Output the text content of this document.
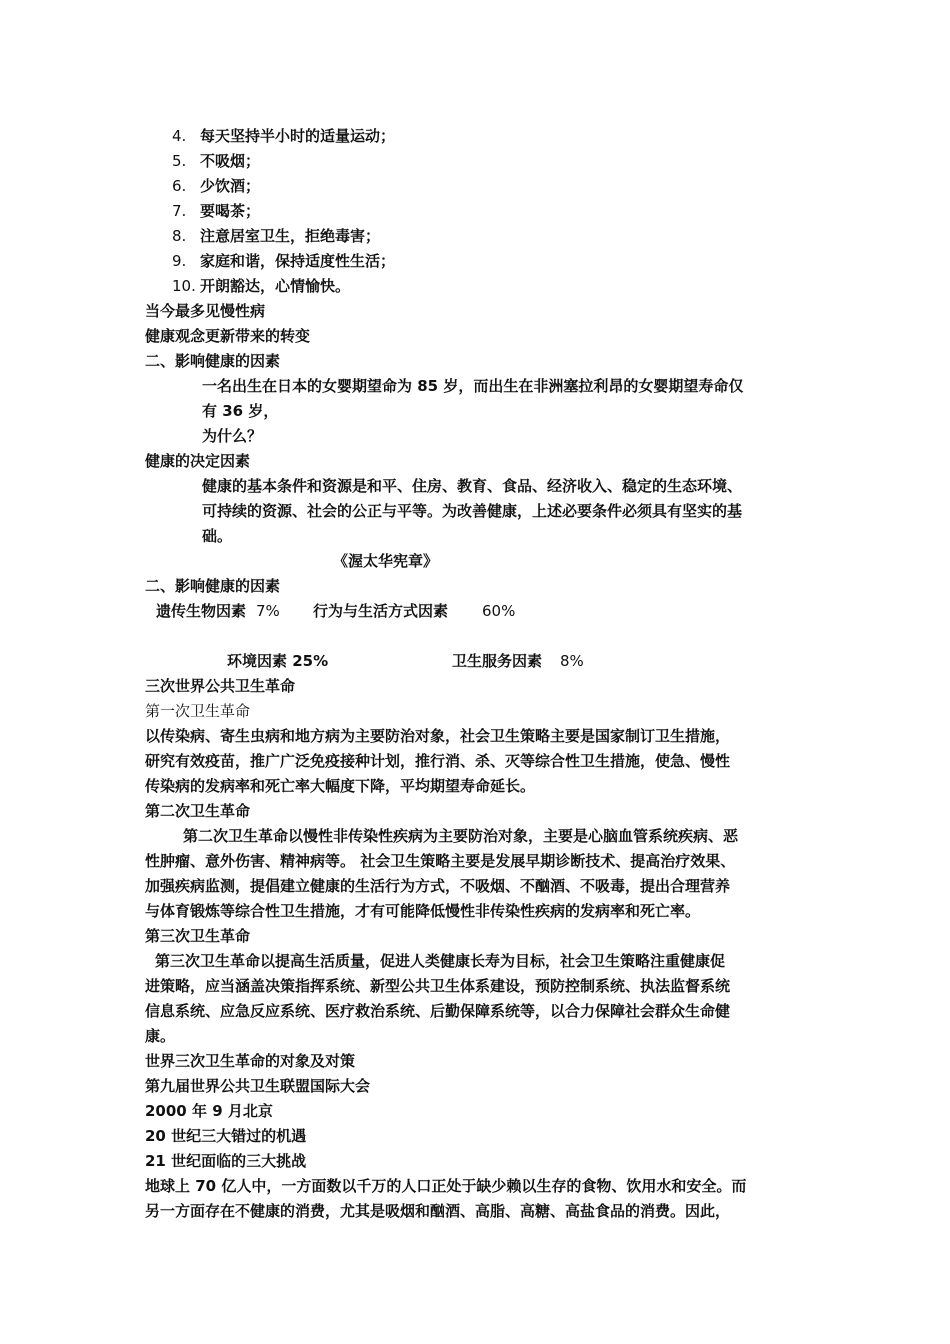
4. 每天坚持半小时的适量运动；
5. 不吸烟；
6. 少饮酒；
7. 要喝茶；
8. 注意居室卫生，拒绝毒害；
9. 家庭和谐，保持适度性生活；
10. 开朗豁达，心情愉快。
当今最多见慢性病
健康观念更新带来的转变
二、影响健康的因素
一名出生在日本的女婴期望命为 85 岁，而出生在非洲塞拉利昂的女婴期望寿命仅
有 36 岁，
为什么？
健康的决定因素
健康的基本条件和资源是和平、住房、教育、食品、经济收入、稳定的生态环境、
可持续的资源、社会的公正与平等。为改善健康，上述必要条件必须具有坚实的基
础。
《渥太华宪章》
二、影响健康的因素
遗传生物因素 7% 行为与生活方式因素 60%
环境因素 25%	卫生服务因素 8%
三次世界公共卫生革命
第一次卫生革命
以传染病、寄生虫病和地方病为主要防治对象，社会卫生策略主要是国家制订卫生措施，
研究有效疫苗，推广广泛免疫接种计划，推行消、杀、灭等综合性卫生措施，使急、慢性
传染病的发病率和死亡率大幅度下降，平均期望寿命延长。
第二次卫生革命
第二次卫生革命以慢性非传染性疾病为主要防治对象，主要是心脑血管系统疾病、恶
性肿瘤、意外伤害、精神病等。 社会卫生策略主要是发展早期诊断技术、提高治疗效果、
加强疾病监测，提倡建立健康的生活行为方式，不吸烟、不酗酒、不吸毒，提出合理营养
与体育锻炼等综合性卫生措施，才有可能降低慢性非传染性疾病的发病率和死亡率。
第三次卫生革命
第三次卫生革命以提高生活质量，促进人类健康长寿为目标，社会卫生策略注重健康促
进策略，应当涵盖决策指挥系统、新型公共卫生体系建设，预防控制系统、执法监督系统
信息系统、应急反应系统、医疗救治系统、后勤保障系统等，以合力保障社会群众生命健
康。
世界三次卫生革命的对象及对策
第九届世界公共卫生联盟国际大会
2000 年 9 月北京
20 世纪三大错过的机遇
21 世纪面临的三大挑战
地球上 70 亿人中，一方面数以千万的人口正处于缺少赖以生存的食物、饮用水和安全。而
另一方面存在不健康的消费，尤其是吸烟和酗酒、高脂、高糖、高盐食品的消费。因此，
